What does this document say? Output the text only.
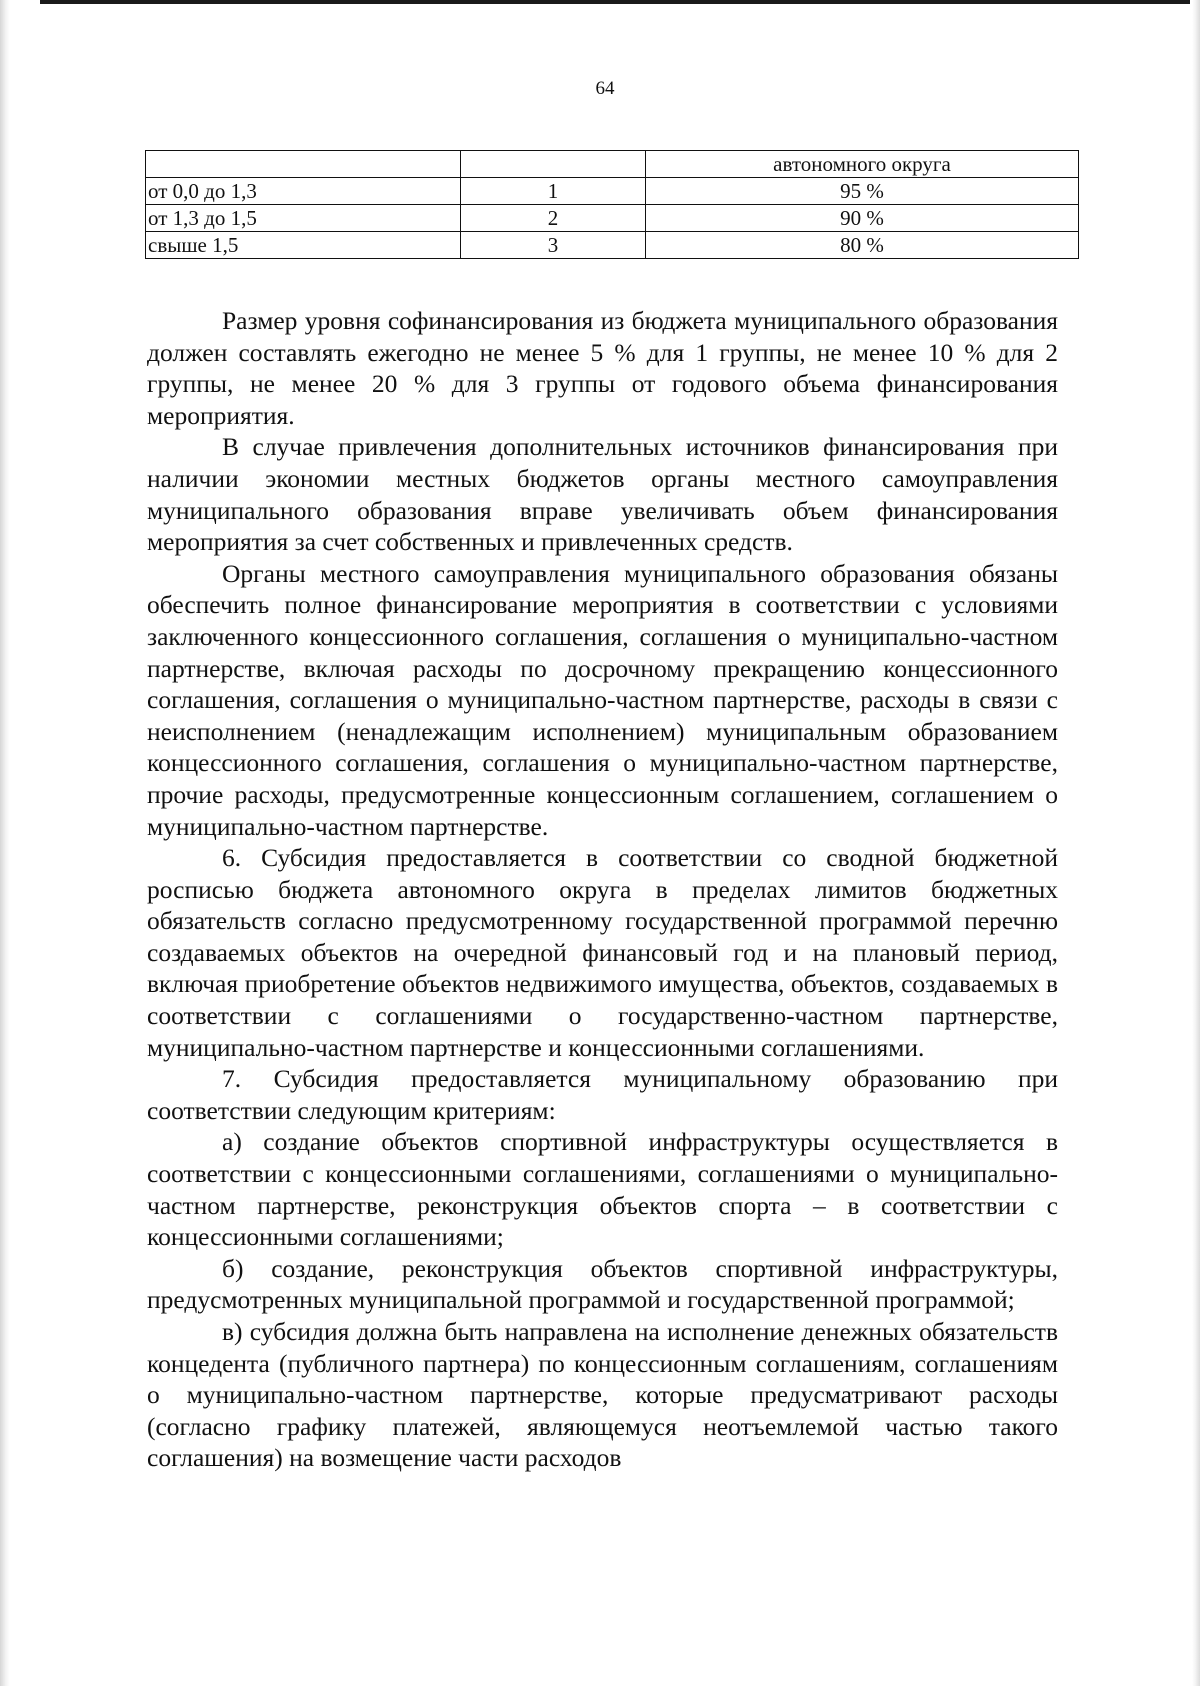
64
		автономного округа
от 0,0 до 1,3	1	95 %
от 1,3 до 1,5	2	90 %
свыше 1,5	3	80 %

Размер уровня софинансирования из бюджета муниципального образования должен составлять ежегодно не менее 5 % для 1 группы, не менее 10 % для 2 группы, не менее 20 % для 3 группы от годового объема финансирования мероприятия.

В случае привлечения дополнительных источников финансирования при наличии экономии местных бюджетов органы местного самоуправления муниципального образования вправе увеличивать объем финансирования мероприятия за счет собственных и привлеченных средств.

Органы местного самоуправления муниципального образования обязаны обеспечить полное финансирование мероприятия в соответствии с условиями заключенного концессионного соглашения, соглашения о муниципально-частном партнерстве, включая расходы по досрочному прекращению концессионного соглашения, соглашения о муниципально-частном партнерстве, расходы в связи с неисполнением (ненадлежащим исполнением) муниципальным образованием концессионного соглашения, соглашения о муниципально-частном партнерстве, прочие расходы, предусмотренные концессионным соглашением, соглашением о муниципально-частном партнерстве.

6. Субсидия предоставляется в соответствии со сводной бюджетной росписью бюджета автономного округа в пределах лимитов бюджетных обязательств согласно предусмотренному государственной программой перечню создаваемых объектов на очередной финансовый год и на плановый период, включая приобретение объектов недвижимого имущества, объектов, создаваемых в соответствии с соглашениями о государственно-частном партнерстве, муниципально-частном партнерстве и концессионными соглашениями.

7. Субсидия предоставляется муниципальному образованию при соответствии следующим критериям:

а) создание объектов спортивной инфраструктуры осуществляется в соответствии с концессионными соглашениями, соглашениями о муниципально-частном партнерстве, реконструкция объектов спорта – в соответствии с концессионными соглашениями;

б) создание, реконструкция объектов спортивной инфраструктуры, предусмотренных муниципальной программой и государственной программой;

в) субсидия должна быть направлена на исполнение денежных обязательств концедента (публичного партнера) по концессионным соглашениям, соглашениям о муниципально-частном партнерстве, которые предусматривают расходы (согласно графику платежей, являющемуся неотъемлемой частью такого соглашения) на возмещение части расходов
